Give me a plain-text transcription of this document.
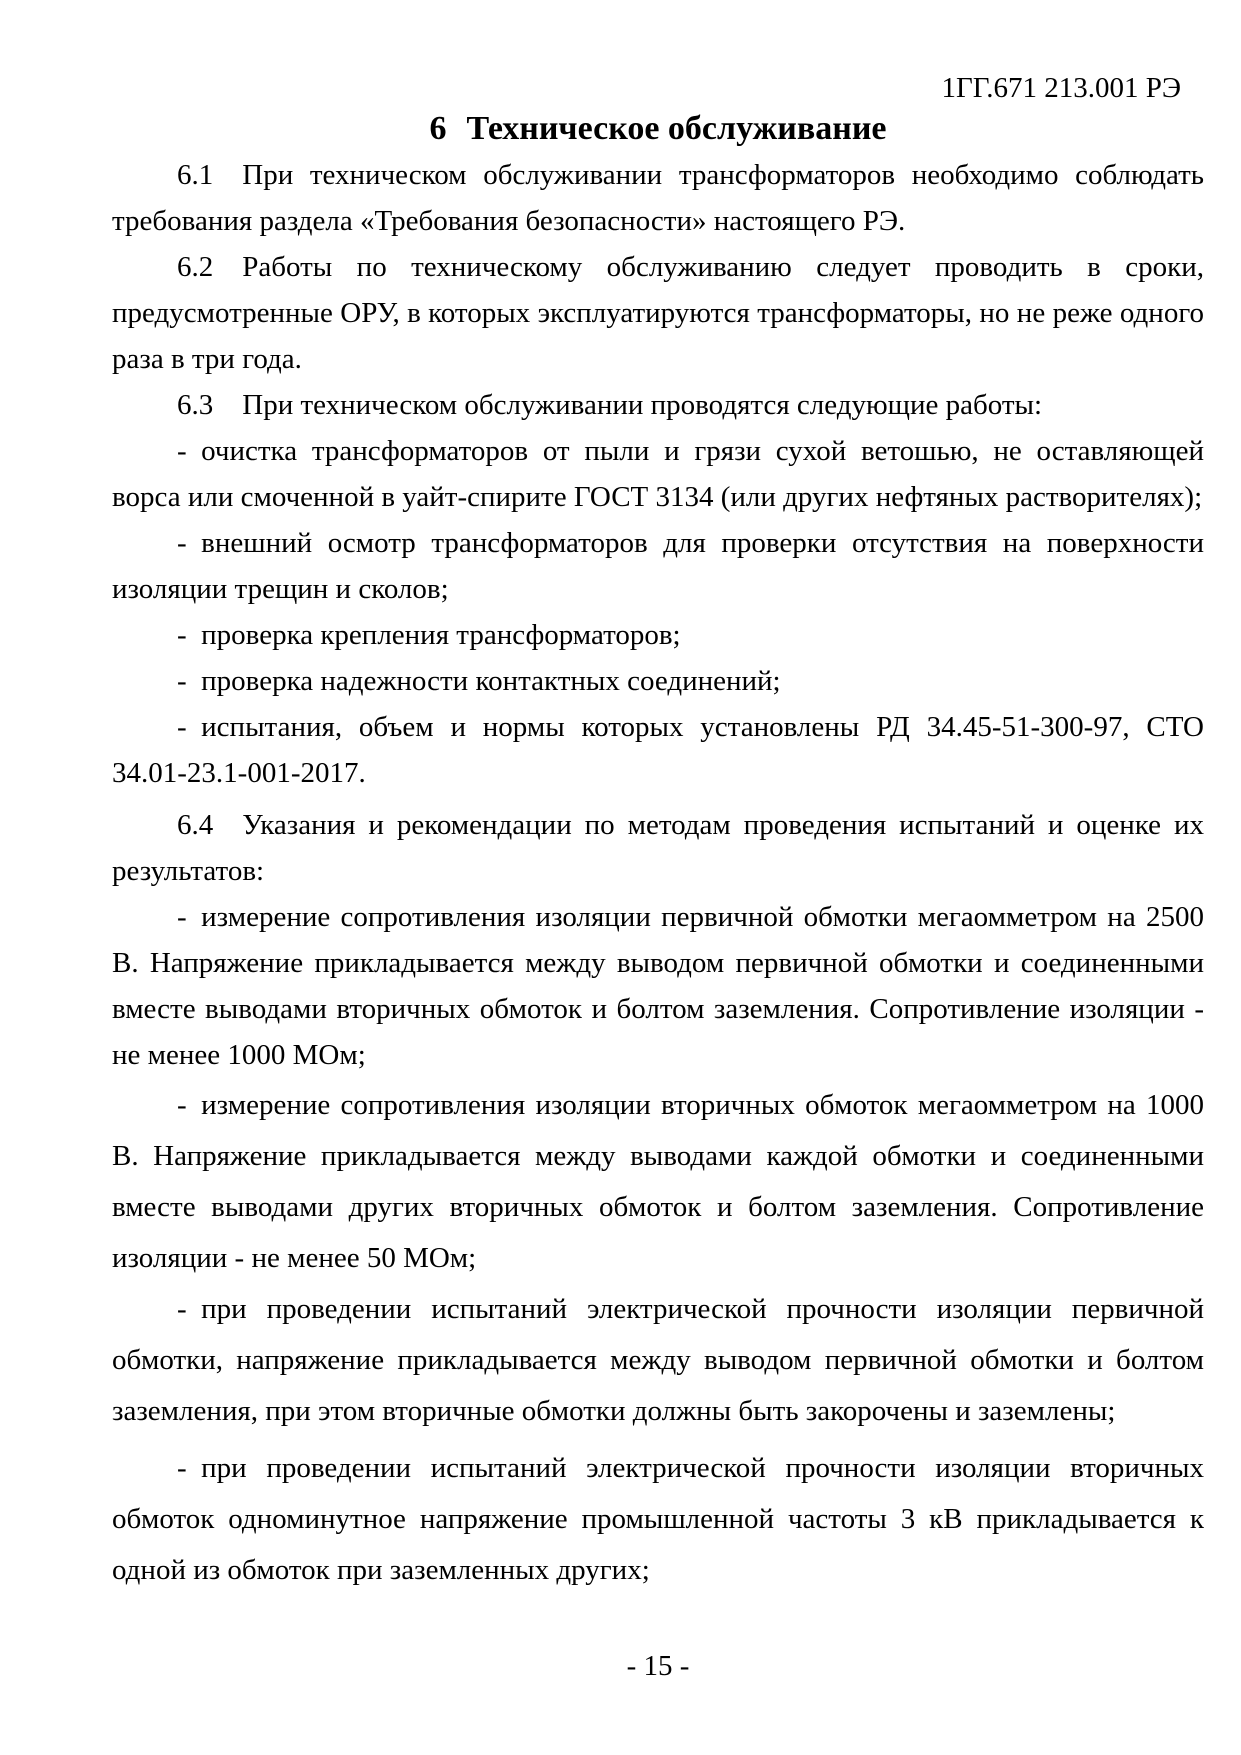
1ГГ.671 213.001 РЭ
6 Техническое обслуживание

6.1 При техническом обслуживании трансформаторов необходимо соблюдать требования раздела «Требования безопасности» настоящего РЭ.

6.2 Работы по техническому обслуживанию следует проводить в сроки, предусмотренные ОРУ, в которых эксплуатируются трансформаторы, но не реже одного раза в три года.

6.3 При техническом обслуживании проводятся следующие работы:

- очистка трансформаторов от пыли и грязи сухой ветошью, не оставляющей ворса или смоченной в уайт-спирите ГОСТ 3134 (или других нефтяных растворителях);

- внешний осмотр трансформаторов для проверки отсутствия на поверхности изоляции трещин и сколов;

- проверка крепления трансформаторов;

- проверка надежности контактных соединений;

- испытания, объем и нормы которых установлены РД 34.45-51-300-97, СТО 34.01-23.1-001-2017.

6.4 Указания и рекомендации по методам проведения испытаний и оценке их результатов:

- измерение сопротивления изоляции первичной обмотки мегаомметром на 2500 В. Напряжение прикладывается между выводом первичной обмотки и соединенными вместе выводами вторичных обмоток и болтом заземления. Сопротивление изоляции - не менее 1000 МОм;

- измерение сопротивления изоляции вторичных обмоток мегаомметром на 1000 В. Напряжение прикладывается между выводами каждой обмотки и соединенными вместе выводами других вторичных обмоток и болтом заземления. Сопротивление изоляции - не менее 50 МОм;

- при проведении испытаний электрической прочности изоляции первичной обмотки, напряжение прикладывается между выводом первичной обмотки и болтом заземления, при этом вторичные обмотки должны быть закорочены и заземлены;

- при проведении испытаний электрической прочности изоляции вторичных обмоток одноминутное напряжение промышленной частоты 3 кВ прикладывается к одной из обмоток при заземленных других;

- 15 -
